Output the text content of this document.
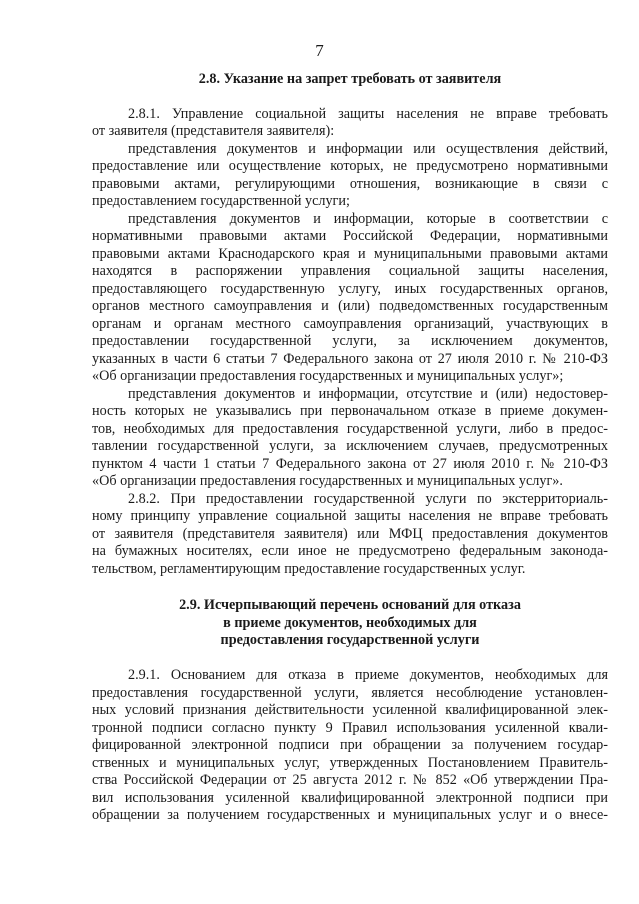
7
2.8. Указание на запрет требовать от заявителя
2.8.1. Управление социальной защиты населения не вправе требовать
от заявителя (представителя заявителя):
представления документов и информации или осуществления действий,
предоставление или осуществление которых, не предусмотрено нормативными
правовыми актами, регулирующими отношения, возникающие в связи с
предоставлением государственной услуги;
представления документов и информации, которые в соответствии с
нормативными правовыми актами Российской Федерации, нормативными
правовыми актами Краснодарского края и муниципальными правовыми актами
находятся в распоряжении управления социальной защиты населения,
предоставляющего государственную услугу, иных государственных органов,
органов местного самоуправления и (или) подведомственных государственным
органам и органам местного самоуправления организаций, участвующих в
предоставлении государственной услуги, за исключением документов,
указанных в части 6 статьи 7 Федерального закона от 27 июля 2010 г. № 210-ФЗ
«Об организации предоставления государственных и муниципальных услуг»;
представления документов и информации, отсутствие и (или) недостовер-
ность которых не указывались при первоначальном отказе в приеме докумен-
тов, необходимых для предоставления государственной услуги, либо в предос-
тавлении государственной услуги, за исключением случаев, предусмотренных
пунктом 4 части 1 статьи 7 Федерального закона от 27 июля 2010 г. № 210-ФЗ
«Об организации предоставления государственных и муниципальных услуг».
2.8.2. При предоставлении государственной услуги по экстерриториаль-
ному принципу управление социальной защиты населения не вправе требовать
от заявителя (представителя заявителя) или МФЦ предоставления документов
на бумажных носителях, если иное не предусмотрено федеральным законода-
тельством, регламентирующим предоставление государственных услуг.
2.9. Исчерпывающий перечень оснований для отказа
в приеме документов, необходимых для
предоставления государственной услуги
2.9.1. Основанием для отказа в приеме документов, необходимых для
предоставления государственной услуги, является несоблюдение установлен-
ных условий признания действительности усиленной квалифицированной элек-
тронной подписи согласно пункту 9 Правил использования усиленной квали-
фицированной электронной подписи при обращении за получением государ-
ственных и муниципальных услуг, утвержденных Постановлением Правитель-
ства Российской Федерации от 25 августа 2012 г. № 852 «Об утверждении Пра-
вил использования усиленной квалифицированной электронной подписи при
обращении за получением государственных и муниципальных услуг и о внесе-
